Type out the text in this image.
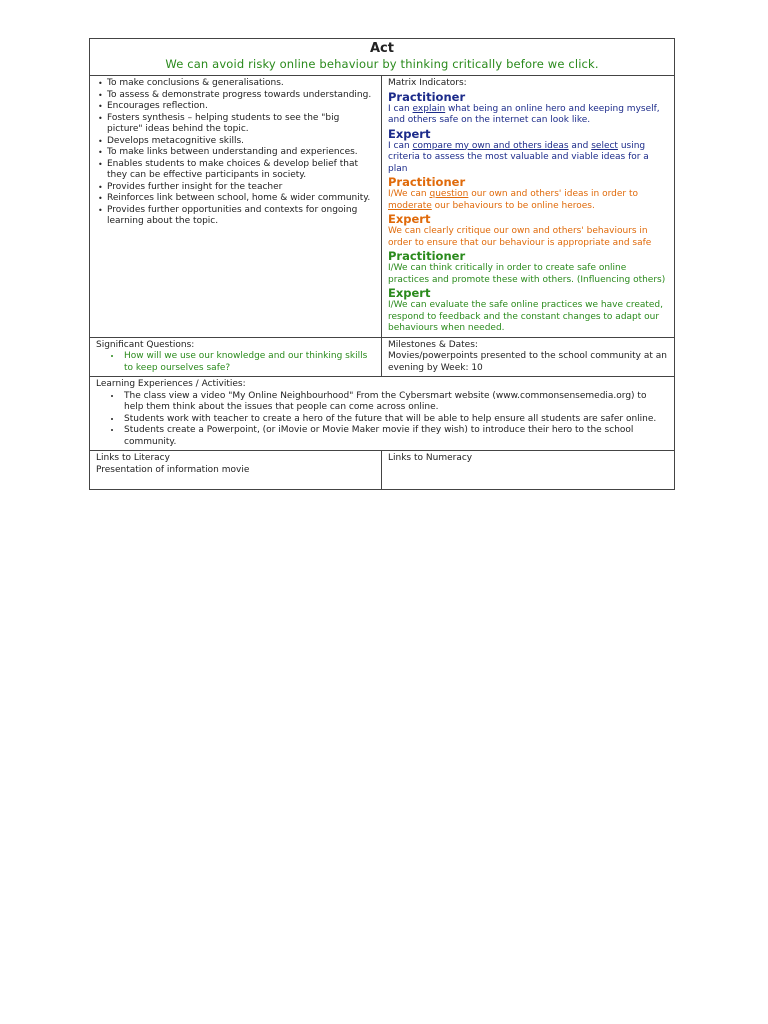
Act
We can avoid risky online behaviour by thinking critically before we click.
• To make conclusions & generalisations.
• To assess & demonstrate progress towards understanding.
• Encourages reflection.
• Fosters synthesis – helping students to see the "big picture" ideas behind the topic.
• Develops metacognitive skills.
• To make links between understanding and experiences.
• Enables students to make choices & develop belief that they can be effective participants in society.
• Provides further insight for the teacher
• Reinforces link between school, home & wider community.
• Provides further opportunities and contexts for ongoing learning about the topic.
Matrix Indicators:
Practitioner
I can explain what being an online hero and keeping myself, and others safe on the internet can look like.
Expert
I can compare my own and others ideas and select using criteria to assess the most valuable and viable ideas for a plan
Practitioner
I/We can question our own and others' ideas in order to moderate our behaviours to be online heroes.
Expert
We can clearly critique our own and others' behaviours in order to ensure that our behaviour is appropriate and safe
Practitioner
I/We can think critically in order to create safe online practices and promote these with others. (Influencing others)
Expert
I/We can evaluate the safe online practices we have created, respond to feedback and the constant changes to adapt our behaviours when needed.
Significant Questions:
• How will we use our knowledge and our thinking skills to keep ourselves safe?
Milestones & Dates:
Movies/powerpoints presented to the school community at an evening by Week: 10
Learning Experiences / Activities:
• The class view a video "My Online Neighbourhood" From the Cybersmart website (www.commonsensemedia.org) to help them think about the issues that people can come across online.
• Students work with teacher to create a hero of the future that will be able to help ensure all students are safer online.
• Students create a Powerpoint, (or iMovie or Movie Maker movie if they wish) to introduce their hero to the school community.
Links to Literacy
Presentation of information movie
Links to Numeracy
